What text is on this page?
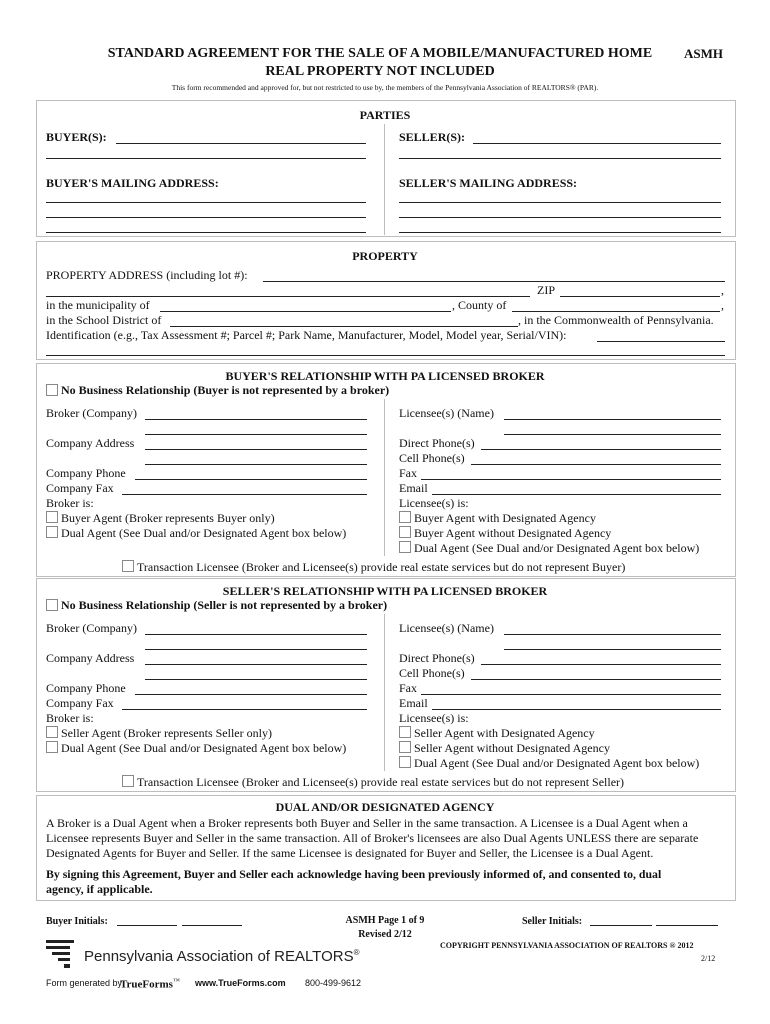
STANDARD AGREEMENT FOR THE SALE OF A MOBILE/MANUFACTURED HOME	ASMH
REAL PROPERTY NOT INCLUDED
This form recommended and approved for, but not restricted to use by, the members of the Pennsylvania Association of REALTORS® (PAR).
PARTIES
BUYER(S):	SELLER(S):
BUYER'S MAILING ADDRESS:	SELLER'S MAILING ADDRESS:
PROPERTY
PROPERTY ADDRESS (including lot #):
ZIP	,
in the municipality of	, County of	,
in the School District of	, in the Commonwealth of Pennsylvania.
Identification (e.g., Tax Assessment #; Parcel #; Park Name, Manufacturer, Model, Model year, Serial/VIN):
BUYER'S RELATIONSHIP WITH PA LICENSED BROKER
No Business Relationship (Buyer is not represented by a broker)
Broker (Company)
Company Address
Company Phone
Company Fax
Broker is:
Buyer Agent (Broker represents Buyer only)
Dual Agent (See Dual and/or Designated Agent box below)
Licensee(s) (Name)
Direct Phone(s)
Cell Phone(s)
Fax
Email
Licensee(s) is:
Buyer Agent with Designated Agency
Buyer Agent without Designated Agency
Dual Agent (See Dual and/or Designated Agent box below)
Transaction Licensee (Broker and Licensee(s) provide real estate services but do not represent Buyer)
SELLER'S RELATIONSHIP WITH PA LICENSED BROKER
No Business Relationship (Seller is not represented by a broker)
Broker (Company)
Company Address
Company Phone
Company Fax
Broker is:
Seller Agent (Broker represents Seller only)
Dual Agent (See Dual and/or Designated Agent box below)
Licensee(s) (Name)
Direct Phone(s)
Cell Phone(s)
Fax
Email
Licensee(s) is:
Seller Agent with Designated Agency
Seller Agent without Designated Agency
Dual Agent (See Dual and/or Designated Agent box below)
Transaction Licensee (Broker and Licensee(s) provide real estate services but do not represent Seller)
DUAL AND/OR DESIGNATED AGENCY
A Broker is a Dual Agent when a Broker represents both Buyer and Seller in the same transaction. A Licensee is a Dual Agent when a
Licensee represents Buyer and Seller in the same transaction. All of Broker's licensees are also Dual Agents UNLESS there are separate
Designated Agents for Buyer and Seller. If the same Licensee is designated for Buyer and Seller, the Licensee is a Dual Agent.
By signing this Agreement, Buyer and Seller each acknowledge having been previously informed of, and consented to, dual
agency, if applicable.
Buyer Initials:	ASMH Page 1 of 9
Revised 2/12
Seller Initials:
Pennsylvania Association of REALTORS®
COPYRIGHT PENNSYLVANIA ASSOCIATION OF REALTORS ® 2012
2/12
Form generated by:
TrueForms™ www.TrueForms.com 800-499-9612
